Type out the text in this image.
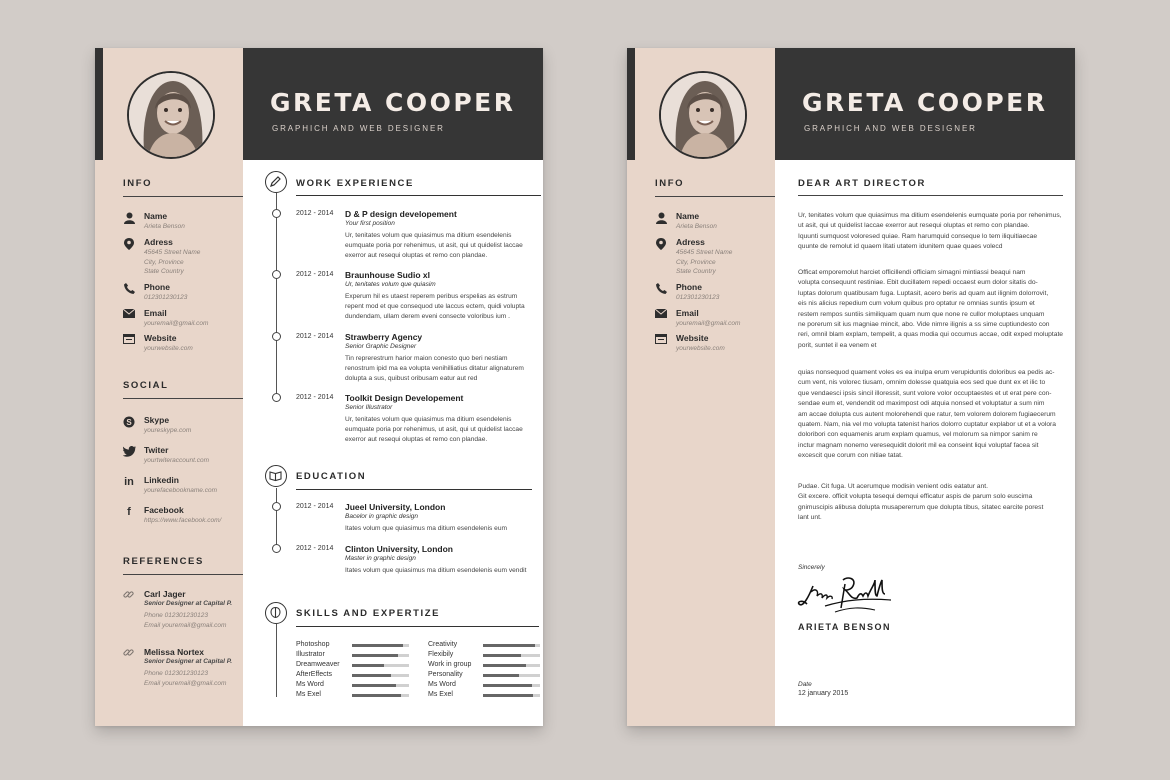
GRETA COOPER
GRAPHICH AND WEB DESIGNER
INFO
Name
Arieta Benson
Adress
45645 Street Name
City, Province
State Country
Phone
012301230123
Email
youremail@gmail.com
Website
yourwebsite.com
SOCIAL
S Skype
youreskype.com
Twiter
yourtwiteraccount.com
in Linkedin
yourefacebookname.com
f	Facebook
https://www.facebook.com/
REFERENCES
Carl Jager
Senior Designer at Capital P.
Phone 012301230123
Email youremail@gmail.com
Melissa Nortex
Senior Designer at Capital P.
Phone 012301230123
Email youremail@gmail.com
WORK EXPERIENCE
2012 - 2014 D & P design developement
Your first position
Ur, tenitates volum que quiasimus ma ditium esendelenis
eumquate poria por rehenimus, ut asit, qui ut quidelist laccae
exerror aut resequi oluptas et remo con plandae.
2012 - 2014 Braunhouse Sudio xl
Ur, tenitates volum que quiasim
Experum hil es utaest reperem peribus erspelias as estrum
repent mod et que consequod ute laccus ectem, quidi volupta
dundendam, ullam derem eveni consecte voloribus ium .
2012 - 2014 Strawberry Agency
Senior Graphic Designer
Tin reprerestrum harior maion conesto quo beri nestiam
renostrum ipid ma ea volupta venihilliatius ditatur alignaturem
dolupta a sus, quibust oribusam eatur aut red
2012 - 2014 Toolkit Design Developement
Senior Illustrator
Ur, tenitates volum que quiasimus ma ditium esendelenis
eumquate poria por rehenimus, ut asit, qui ut quidelist laccae
exerror aut resequi oluptas et remo con plandae.
EDUCATION
2012 - 2014 Jueel University, London
Bacelor in graphic design
Itates volum que quiasimus ma ditium esendelenis eum
2012 - 2014 Clinton University, London
Master in graphic design
Itates volum que quiasimus ma ditium esendelenis eum vendit
SKILLS AND EXPERTIZE
Photoshop
Illustrator
Dreamweaver
AfterEffects
Ms Word
Ms Exel
Creativity
Flexibily
Work in group
Personality
Ms Word
Ms Exel
GRETA COOPER
GRAPHICH AND WEB DESIGNER
INFO
Name
Arieta Benson
Adress
45645 Street Name
City, Province
State Country
Phone
012301230123
Email
youremail@gmail.com
Website
yourwebsite.com
DEAR ART DIRECTOR
Ur, tenitates volum que quiasimus ma ditium esendelenis eumquate poria por rehenimus,
ut asit, qui ut quidelist laccae exerror aut resequi oluptas et remo con plandae.
Iquunti sumquost voloresed quiae. Ram harumquid conseque lo tem iliquitiaecae
quunte de remolut id quaem litati utatem idunitem quae quaes volecd
Officat emporemolut harciet officillendi officiam simagni mintiassi beaqui nam
volupta consequunt restiniae. Ebit ducillatem repedi occaest eum dolor sitatis do-
luptas dolorum quatibusam fuga. Luptasit, acero beris ad quam aut ilignim dolorrovit,
eis nis alicius repedium cum volum quibus pro optatur re omnias suntis ipsum et
restem rempos suntiis similiquam quam num que none re cullor moluptaes unquam
ne porerum sit ius magniae mincit, abo. Vide nimre ilignis a ss sime cuptiundesto con
reri, omnil blam explam, tempelit, a quas modia qui occumus accae, odit exped moluptate
porit, suntet il ea venem et
quias nonsequod quament voles es ea inulpa erum verupiduntis doloribus ea pedis ac-
cum vent, nis volorec tiusam, omnim dolesse quatquia eos sed que dunt ex et ilic to
que vendaesci ipsis sincil illoressit, sunt volore volor occuptaestes et ut erat pere con-
sendae eum et, vendendit od maximpost odi atquia nonsed et voluptatur a sum nim
am accae dolupta cus autent molorehendi que ratur, tem volorem dolorem fugiaecerum
quatem. Nam, nia vel mo volupta tatenist harios dolorro cuptatur explabor ut et a volora
doloribori con equamenis arum explam quamus, vel molorum sa nimpor sanim re
inctur magnam nonemo veresequidit dolorit mil ea conseint liqui voluptaf facea sit
excescit que corum con nitiae tatat.
Pudae. Cit fuga. Ut acerumque modisin venient odis eatatur ant.
Git excere. officit volupta tesequi demqui efficatur aspis de parum solo euscima
gnimuscipis alibusa dolupta musapererrum que dolupta tibus, sitatec earcite porest
lant unt.
Sincerely
ARIETA BENSON
Date
12 january 2015
